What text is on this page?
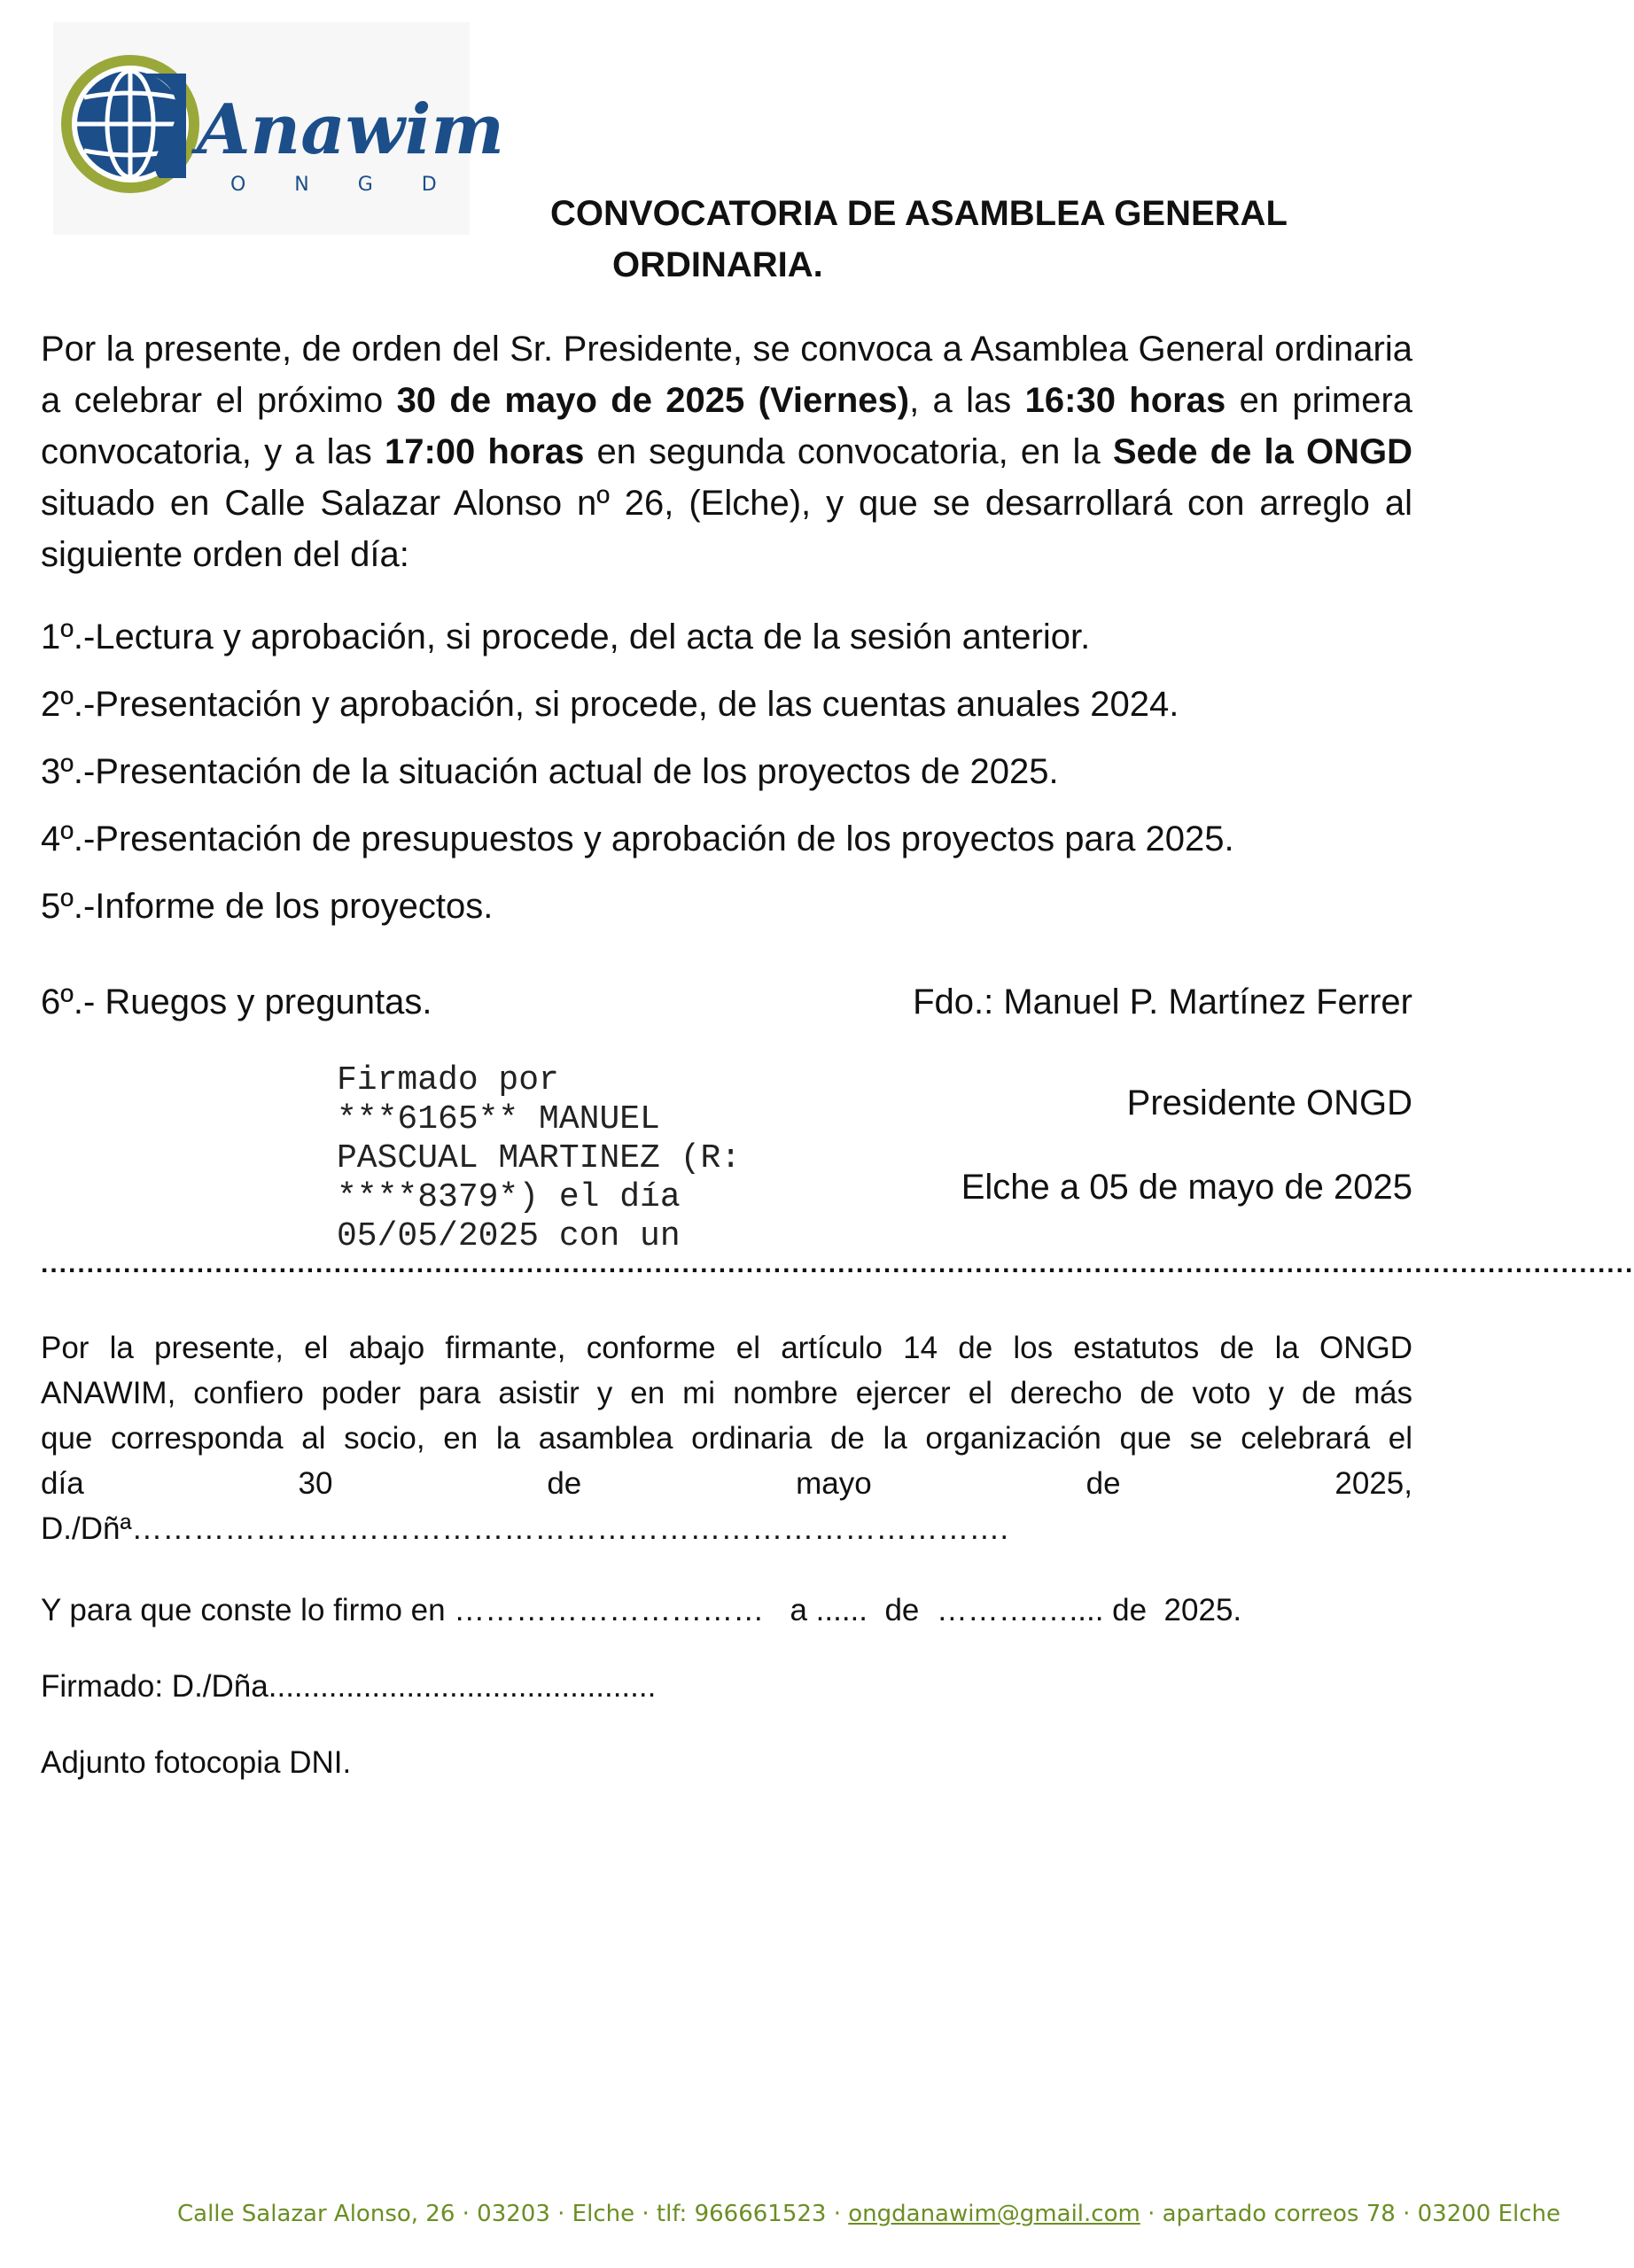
Anawim
O N G D
CONVOCATORIA DE ASAMBLEA GENERAL
ORDINARIA.
Por la presente, de orden del Sr. Presidente, se convoca a Asamblea General ordinaria a celebrar el próximo 30 de mayo de 2025 (Viernes), a las 16:30 horas en primera convocatoria, y a las 17:00 horas en segunda convocatoria, en la Sede de la ONGD situado en Calle Salazar Alonso nº 26, (Elche), y que se desarrollará con arreglo al siguiente orden del día:
1º.-Lectura y aprobación, si procede, del acta de la sesión anterior.
2º.-Presentación y aprobación, si procede, de las cuentas anuales 2024.
3º.-Presentación de la situación actual de los proyectos de 2025.
4º.-Presentación de presupuestos y aprobación de los proyectos para 2025.
5º.-Informe de los proyectos.
6º.- Ruegos y preguntas.	Fdo.: Manuel P. Martínez Ferrer
Firmado por
***6165** MANUEL
PASCUAL MARTINEZ (R:
****8379*) el día
05/05/2025 con un
Presidente ONGD
Elche a 05 de mayo de 2025
..............................................................................................................................................................................
Por la presente, el abajo firmante, conforme el artículo 14 de los estatutos de la ONGD
ANAWIM, confiero poder para asistir y en mi nombre ejercer el derecho de voto y de más
que corresponda al socio, en la asamblea ordinaria de la organización que se celebrará el
día 30 de mayo de 2025,
D./Dñª………………………………………………………………………….
Y para que conste lo firmo en …………………………   a ......  de  ……….….... de  2025.
Firmado: D./Dña.............................................
Adjunto fotocopia DNI.
Calle Salazar Alonso, 26 · 03203 · Elche · tlf: 966661523 · ongdanawim@gmail.com · apartado correos 78 · 03200 Elche
